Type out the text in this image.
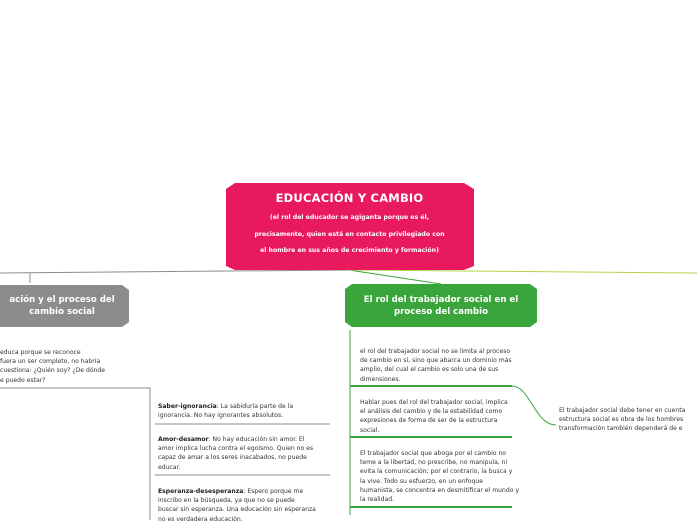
EDUCACIÓN Y CAMBIO
(el rol del educador se agiganta porque es él,
precisamente, quien está en contacto privilegiado con
el hombre en sus años de crecimiento y formación)
ación y el proceso del
cambio social
educa porque se reconoce
fuera un ser completo, no habría
cuestiona: ¿Quién soy? ¿De dónde
e puedo estar?
El rol del trabajador social en el
proceso del cambio
el rol del trabajador social no se limita al proceso
de cambio en sí, sino que abarca un dominio más
amplio, del cual el cambio es solo una de sus
dimensiones.
Hablar pues del rol del trabajador social, implica
el análisis del cambio y de la estabilidad como
expresiones de forma de ser de la estructura
social.
El trabajador social que aboga por el cambio no
teme a la libertad, no prescribe, no manipula, ni
evita la comunicación; por el contrario, la busca y
la vive. Todo su esfuerzo, en un enfoque
humanista, se concentra en desmitificar el mundo y
la realidad.
Saber-ignorancia: La sabiduría parte de la
ignorancia. No hay ignorantes absolutos.
Amor-desamor: No hay educación sin amor. El
amor implica lucha contra el egoísmo. Quien no es
capaz de amar a los seres inacabados, no puede
educar.
Esperanza-desesperanza: Espero porque me
inscribo en la búsqueda, ya que no se puede
buscar sin esperanza. Una educación sin esperanza
no es verdadera educación.
El trabajador social debe tener en cuenta
estructura social es obra de los hombres
transformación también dependerá de e
